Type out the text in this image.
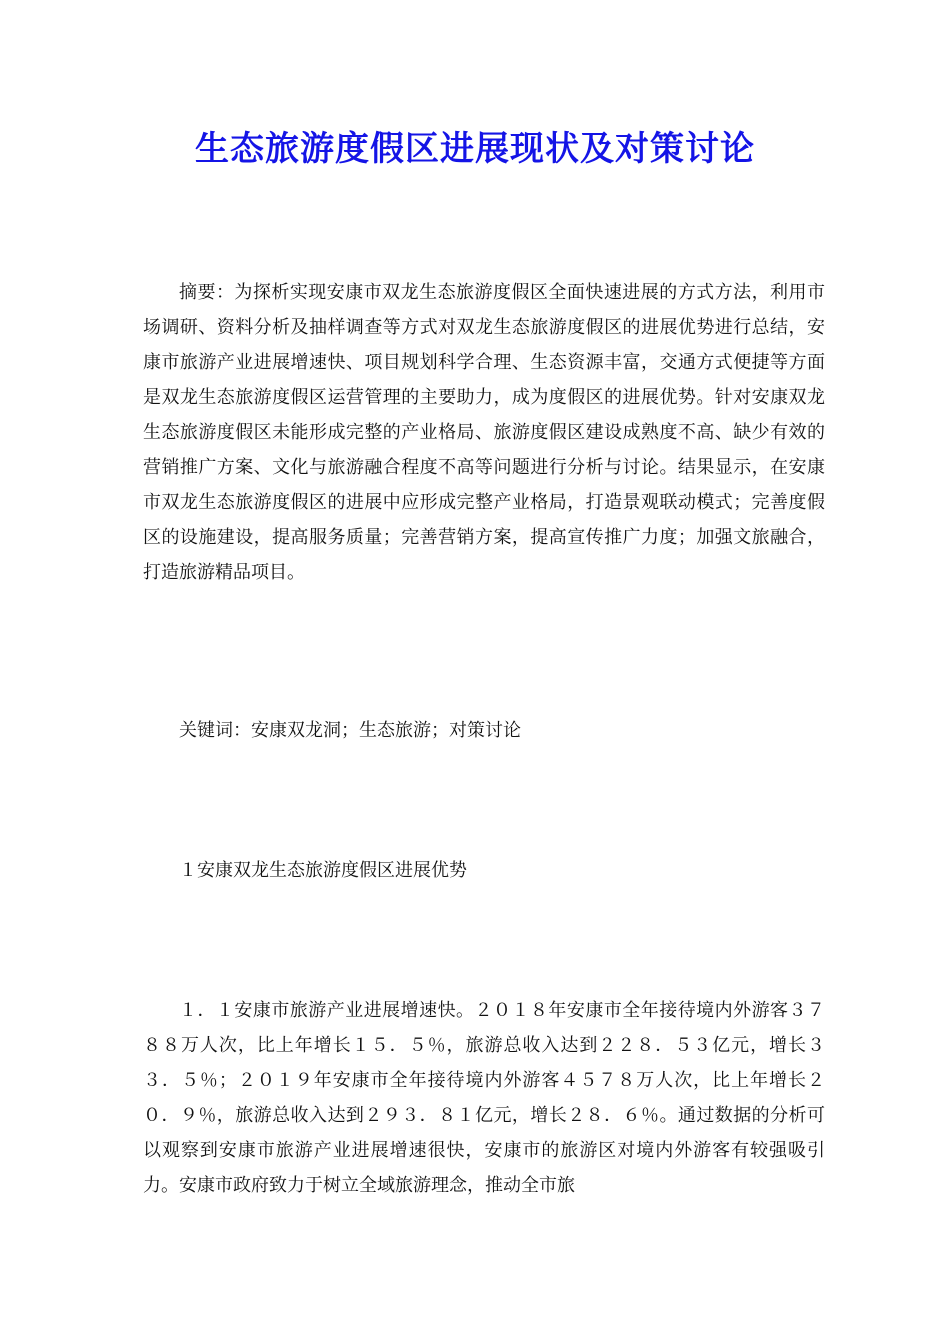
生态旅游度假区进展现状及对策讨论

摘要：为探析实现安康市双龙生态旅游度假区全面快速进展的方式方法，利用市场调研、资料分析及抽样调查等方式对双龙生态旅游度假区的进展优势进行总结，安康市旅游产业进展增速快、项目规划科学合理、生态资源丰富，交通方式便捷等方面是双龙生态旅游度假区运营管理的主要助力，成为度假区的进展优势。针对安康双龙生态旅游度假区未能形成完整的产业格局、旅游度假区建设成熟度不高、缺少有效的营销推广方案、文化与旅游融合程度不高等问题进行分析与讨论。结果显示，在安康市双龙生态旅游度假区的进展中应形成完整产业格局，打造景观联动模式；完善度假区的设施建设，提高服务质量；完善营销方案，提高宣传推广力度；加强文旅融合，打造旅游精品项目。

关键词：安康双龙洞；生态旅游；对策讨论

１安康双龙生态旅游度假区进展优势

１．１安康市旅游产业进展增速快。２０１８年安康市全年接待境内外游客３７８８万人次，比上年增长１５．５％，旅游总收入达到２２８．５３亿元，增长３３．５％；２０１９年安康市全年接待境内外游客４５７８万人次，比上年增长２０．９％，旅游总收入达到２９３．８１亿元，增长２８．６％。通过数据的分析可以观察到安康市旅游产业进展增速很快，安康市的旅游区对境内外游客有较强吸引力。安康市政府致力于树立全域旅游理念，推动全市旅
